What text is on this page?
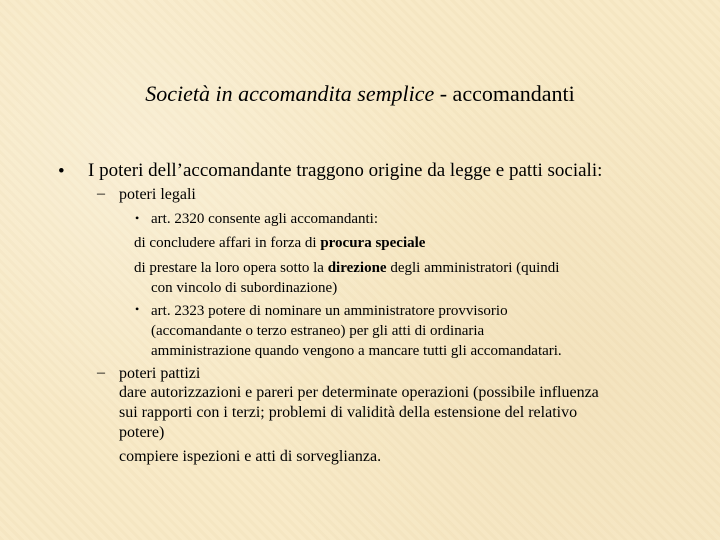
Società in accomandita semplice - accomandanti
• I poteri dell’accomandante traggono origine da legge e patti sociali:
– poteri legali
• art. 2320 consente agli accomandanti:
di concludere affari in forza di procura speciale
di prestare la loro opera sotto la direzione degli amministratori (quindi
con vincolo di subordinazione)
• art. 2323 potere di nominare un amministratore provvisorio
(accomandante o terzo estraneo) per gli atti di ordinaria
amministrazione quando vengono a mancare tutti gli accomandatari.
– poteri pattizi
dare autorizzazioni e pareri per determinate operazioni (possibile influenza
sui rapporti con i terzi; problemi di validità della estensione del relativo
potere)
compiere ispezioni e atti di sorveglianza.
